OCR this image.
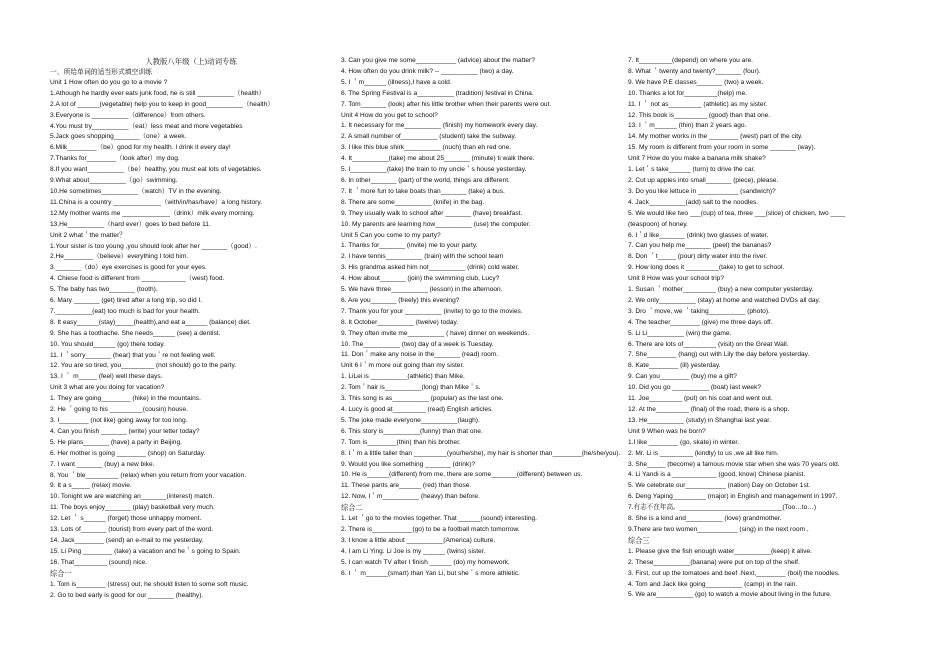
人教版八年级（上)动词专练
一、所给单词的适当形式填空训练
Unit 1 How often do you go to a movie ?
1.Athough he hardly ever eats junk food, he is still __________（health）
2.A lot of ______(vegetable) help you to keep in good__________（health）
3.Everyone is __________（difference）from others.
4.You must try__________（eat）less meat and more vegetables
5.Jack goes shopping_______（one）a week.
6.Milk________（be）good for my health. I drink it every day!
7.Thanks for________（look after）my dog.
8.If you want__________（be）healthy, you must eat lots of vegetables.
9.What about__________（go）swimming.
10.He sometimes__________（watch）TV in the evening.
11.China is a country _____________（with/in/has/have）a long history.
12.My mother wants me _____________（drink）milk every morning.
13.He__________（hard ever）goes to bed before 11.
Unit 2 what＇the matter？
1.Your sister is too young ,you should look after her _______（good）.
2.He________（believe）everything I told him.
3._______（do）eye exercises is good for your eyes.
4. Chiese food is different from ____________（west) food.
5. The baby has two_______ (tooth).
6. Mary _______ (get) tired after a long trip, so did I.
7.__________(eat) too much is bad for your health.
8. It easy______(stay)_____(health),and eat a______ (balance) diet.
9. She has a toothache. She needs______ (see) a dentist.
10. You should______ (go) there today.
11. I ＇sorry_______ (hear) that you＇re not feeling well.
12. You are so tired, you_________ (not should) go to the party.
13. I ＇ m_____ (feel) well these days.
Unit 3 what are you doing for vacation?
1. They are going________ (hike) in the mountains.
2. He ＇going to his _________(cousin) house.
3. I________ (not like) going away for too long.
4. Can you finish _______ (write) your letter today?
5. He plans_______ (have) a party in Beijing.
6. Her mother is going ________ (shop) on Saturday.
7. I want _______ (buy) a new bike.
8. You ＇ble_________ (relax) when you return from your vacation.
9. It a s_____ (relax) movie.
10. Tonight we are watching an_______(interest) match.
11. The boys enjoy_______ (play) basketball very much.
12. Let ＇ s______ (forget) those unhappy moment.
13. Lots of_______ (tourist) from every part of the word.
14. Jack________ (send) an e-mail to me yesterday.
15. Li Ping ________ (take) a vacation and he＇s going to Spain.
16. That_________ (sound) nice.
综合一
1. Tom is________ (stress) out, he should listen to some soft music.
2. Go to bed early is good for our _______ (healthy).
3. Can you give me some___________ (advice) about the matter?
4. How often do you drink milk? -- __________ (two) a day.
5. I ＇m______ (illness),I have a cold.
6. The Spring Festival is a__________ (tradition) festival in China.
7. Tom_______ (look) after his little brother when their parents were out.
Unit 4 How do you get to school?
1. It necessary for me__________ (finish) my homework every day.
2. A small number of__________ (student) take the subway.
3. I like this blue shirk__________ (nuch) than eh red one.
4. It__________(take) me about 25_______ (minute) ti walk there.
5. I__________(take) the train to my uncle＇s house yesterday.
6. In other_______ (part) of the world, things are different.
7. It ＇more fun to take boats than_______ (take) a bus.
8. There are some__________ (knife) in the bag.
9. They usually walk to school after _______ (have) breakfast.
10. My parents are learning how__________ (use) the computer.
Unit 5 Can you come to my party?
1. Thanks for_______ (invite) me to your party.
2. I have tennis__________ (train) with the school team
3. His grandma asked him not__________ (drink) cold water.
4. How about_______ (join) the swimming club, Lucy?
5. We have three__________ (lesson) in the afternoon.
6. Are you_______ (freely) this evening?
7. Thank you for your __________ (invite) to go to the movies.
8. It October__________ (twelve) today.
9. They often invite me__________ ( have) dinner on weekends.
10. The__________ (two) day of a week is Tuesday.
11. Don＇make any noise in the_______ (read) room.
Unit 6 I＇m more out going than my sister.
1. LiLei is __________(athletic) than Mike.
2. Tom＇hair is__________(long) than Mike＇s.
3. This song is as__________ (popular) as the last one.
4. Lucy is good at_________ (read) English articles.
5. The joke made everyone__________(laugh).
6. This story is__________(funny) than that one.
7. Tom is________(thin) than his brother.
8. I＇m a little taller than _________(you/he/she), my hair is shorter than________(he/she/you).
9. Would you like something _______ (drink)?
10. He is______(different) from me, there are some_______(different) between us.
11. These pants are______ (red) than those.
12. Now, I＇m__________ (heavy) than before.
综合二
1. Let ＇go to the movies together. That ______(sound) interesting.
2. There is___________(go) to be a football match tomorrow.
3. I know a little about __________(America) culture.
4. I am Li Ying. Li Joe is my ______ (twins) sister.
5. I can watch TV after I finish ______ (do) my homework.
6. I ＇ m______(smart) than Yan Li, but she＇s more athletic.
7. It_________(depend) on where you are.
8. What ＇twenty and twenty?_______ (four).
9. We have P.E classes_______ (two) a week.
10. Thanks a lot for_________(help) me.
11. I ＇ not as_________ (athletic) as my sister.
12. This book is_________ (good) than that one.
13. I ＇m______ (thin) than 2 years ago.
14. My mother works in the ________ (west) part of the city.
15. My room is different from your room in some _______ (way).
Unit 7 How do you make a banana milk shake?
1. Let＇s take______ (turn) to drive the car.
2. Cut up apples into small_______ (piece), please.
3. Do you like lettuce in ___________ (sandwich)?
4. Jack__________(add) salt to the noodles.
5. We would like two ___(cup) of tea, three ___(slice) of chicken, two ____
(teaspoon) of honey.
6. I＇d like_______ (drink) two glasses of water.
7. Can you help me_______ (peel) the bananas?
8. Don ＇t_____ (pour) dirty water into the river.
9. How long does it _________(take) to get to school.
Unit 8 How was your school trip?
1. Susan ＇mother_________ (buy) a new computer yesterday.
2. We only__________ (stay) at home and watched DVDs all day.
3. Dro ＇move, we ＇taking__________ (photo).
4. The teacher________ (give) me three days off.
5. Li Li__________ (win) the game.
6. There are lots of_________ (visit) on the Great Wall.
7. She________ (hang) out with Lily the day before yesterday.
8. Kate________ (ill) yesterday.
9. Can you________ (buy) me a gift?
10. Did you go __________ (boat) last week?
11. Joe_________ (put) on his coat and went out.
12. At the_________ (final) of the road, there is a shop.
13. He__________ (study) in Shanghai last year.
Unit 9 When was he born?
1.I like ________ (go, skate) in winter.
2. Mr. Li is _________ (kindly) to us ,we all like him.
3. She_____ (become) a famous movie star when she was 70 years old.
4. Li Yandi is a ____________ (good, know) Chinese pianist.
5. We celebrate our___________ (nation) Day on October 1st.
6. Deng Yaping_________ (major) in English and management in 1997.
7.有志不在年高。____________________________(Too…to…)
8. She is a kind and__________ (love) grandmother.
9.There are two women___________ (sing) in the next room ,
综合三
1. Please give the fish enough water__________(keep) it alive.
2. These__________(banana) were put on top of the shelf.
3. First, cut up the tomatoes and beef .Next,________ (boil) the noodles.
4. Tom and Jack like going__________ (camp) in the rain.
5. We are__________ (go) to watch a movie about living in the future.
